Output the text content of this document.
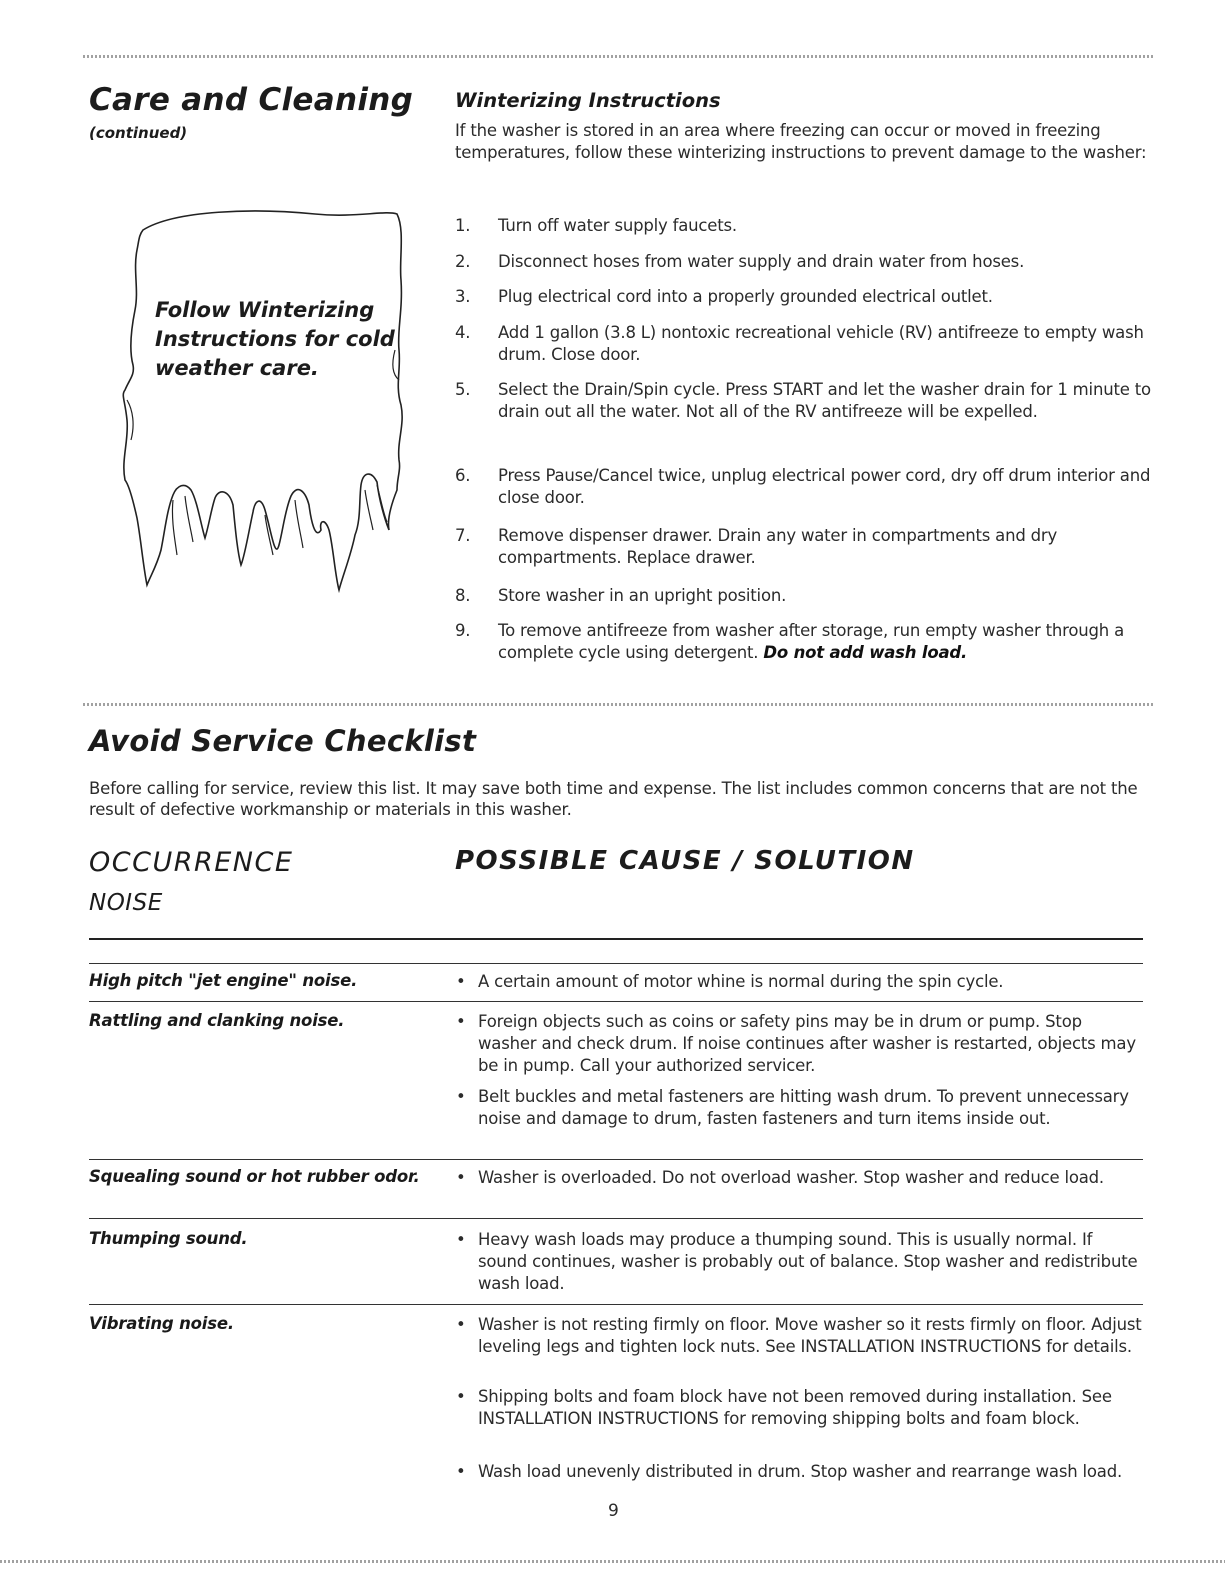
Care and Cleaning
(continued)
Follow Winterizing Instructions for cold weather care.
Winterizing Instructions
If the washer is stored in an area where freezing can occur or moved in freezing temperatures, follow these winterizing instructions to prevent damage to the washer:
1.	Turn off water supply faucets.
2.	Disconnect hoses from water supply and drain water from hoses.
3.	Plug electrical cord into a properly grounded electrical outlet.
4.	Add 1 gallon (3.8 L) nontoxic recreational vehicle (RV) antifreeze to empty wash drum. Close door.
5.	Select the Drain/Spin cycle. Press START and let the washer drain for 1 minute to drain out all the water. Not all of the RV antifreeze will be expelled.
6.	Press Pause/Cancel twice, unplug electrical power cord, dry off drum interior and close door.
7.	Remove dispenser drawer. Drain any water in compartments and dry compartments. Replace drawer.
8.	Store washer in an upright position.
9.	To remove antifreeze from washer after storage, run empty washer through a complete cycle using detergent. Do not add wash load.
Avoid Service Checklist
Before calling for service, review this list. It may save both time and expense. The list includes common concerns that are not the result of defective workmanship or materials in this washer.
OCCURRENCE	POSSIBLE CAUSE / SOLUTION
NOISE
High pitch "jet engine" noise.	• A certain amount of motor whine is normal during the spin cycle.
Rattling and clanking noise.	• Foreign objects such as coins or safety pins may be in drum or pump. Stop washer and check drum. If noise continues after washer is restarted, objects may be in pump. Call your authorized servicer.
• Belt buckles and metal fasteners are hitting wash drum. To prevent unnecessary noise and damage to drum, fasten fasteners and turn items inside out.
Squealing sound or hot rubber odor.	• Washer is overloaded. Do not overload washer. Stop washer and reduce load.
Thumping sound.	• Heavy wash loads may produce a thumping sound. This is usually normal. If sound continues, washer is probably out of balance. Stop washer and redistribute wash load.
Vibrating noise.	• Washer is not resting firmly on floor. Move washer so it rests firmly on floor. Adjust leveling legs and tighten lock nuts. See INSTALLATION INSTRUCTIONS for details.
• Shipping bolts and foam block have not been removed during installation. See INSTALLATION INSTRUCTIONS for removing shipping bolts and foam block.
• Wash load unevenly distributed in drum. Stop washer and rearrange wash load.
9
